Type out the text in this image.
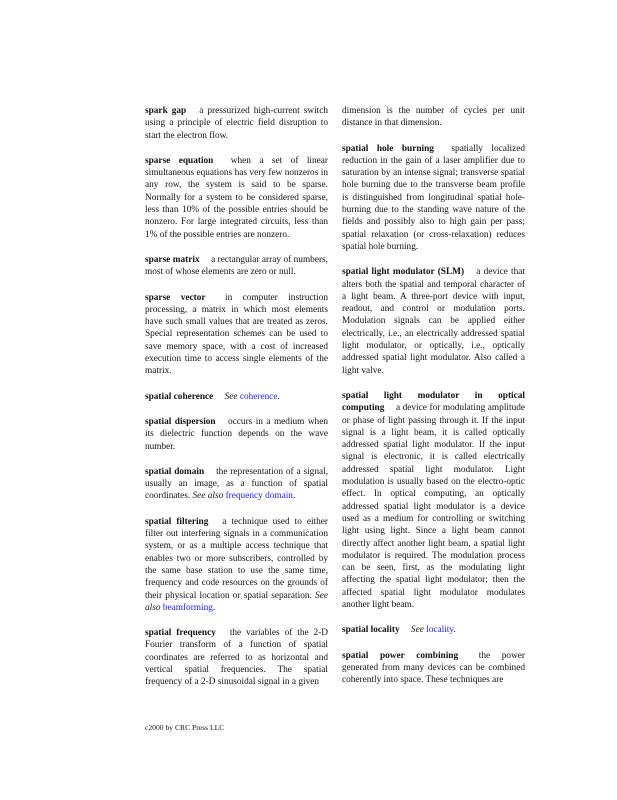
spark gap a pressurized high-current switch using a principle of electric field disruption to start the electron flow.

sparse equation when a set of linear simultaneous equations has very few nonzeros in any row, the system is said to be sparse. Normally for a system to be considered sparse, less than 10% of the possible entries should be nonzero. For large integrated circuits, less than 1% of the possible entries are nonzero.

sparse matrix a rectangular array of numbers, most of whose elements are zero or null.

sparse vector in computer instruction processing, a matrix in which most elements have such small values that are treated as zeros. Special representation schemes can be used to save memory space, with a cost of increased execution time to access single elements of the matrix.

spatial coherence See coherence.

spatial dispersion occurs in a medium when its dielectric function depends on the wave number.

spatial domain the representation of a signal, usually an image, as a function of spatial coordinates. See also frequency domain.

spatial filtering a technique used to either filter out interfering signals in a communication system, or as a multiple access technique that enables two or more subscribers, controlled by the same base station to use the same time, frequency and code resources on the grounds of their physical location or spatial separation. See also beamforming.

spatial frequency the variables of the 2-D Fourier transform of a function of spatial coordinates are referred to as horizontal and vertical spatial frequencies. The spatial frequency of a 2-D sinusoidal signal in a given

dimension is the number of cycles per unit distance in that dimension.

spatial hole burning spatially localized reduction in the gain of a laser amplifier due to saturation by an intense signal; transverse spatial hole burning due to the transverse beam profile is distinguished from longitudinal spatial hole-burning due to the standing wave nature of the fields and possibly also to high gain per pass; spatial relaxation (or cross-relaxation) reduces spatial hole burning.

spatial light modulator (SLM) a device that alters both the spatial and temporal character of a light beam. A three-port device with input, readout, and control or modulation ports. Modulation signals can be applied either electrically, i.e., an electrically addressed spatial light modulator, or optically, i.e., optically addressed spatial light modulator. Also called a light valve.

spatial light modulator in optical computing a device for modulating amplitude or phase of light passing through it. If the input signal is a light beam, it is called optically addressed spatial light modulator. If the input signal is electronic, it is called electrically addressed spatial light modulator. Light modulation is usually based on the electro-optic effect. In optical computing, an optically addressed spatial light modulator is a device used as a medium for controlling or switching light using light. Since a light beam cannot directly affect another light beam, a spatial light modulator is required. The modulation process can be seen, first, as the modulating light affecting the spatial light modulator; then the affected spatial light modulator modulates another light beam.

spatial locality See locality.

spatial power combining the power generated from many devices can be combined coherently into space. These techniques are

c2000 by CRC Press LLC
